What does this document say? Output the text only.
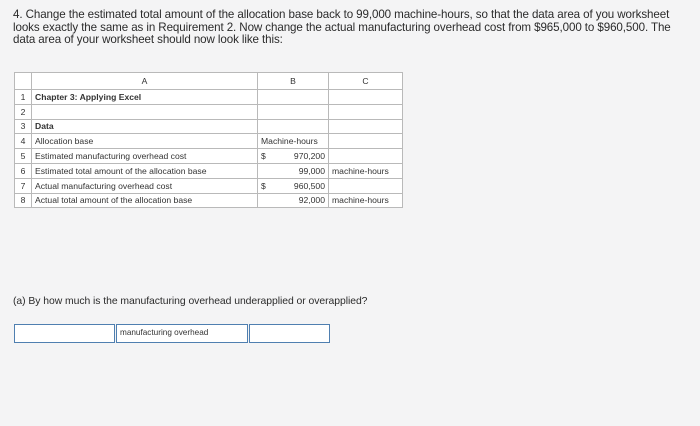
4. Change the estimated total amount of the allocation base back to 99,000 machine-hours, so that the data area of you worksheet looks exactly the same as in Requirement 2. Now change the actual manufacturing overhead cost from $965,000 to $960,500. The data area of your worksheet should now look like this:

	A	B	C
1	Chapter 3: Applying Excel		
2			
3	Data		
4	Allocation base	Machine-hours	
5	Estimated manufacturing overhead cost	$ 970,200	

6	Estimated total amount of the allocation base	99,000	machine-hours
7	Actual manufacturing overhead cost	$ 960,500	

8	Actual total amount of the allocation base	92,000	machine-hours

(a) By how much is the manufacturing overhead underapplied or overapplied?

manufacturing overhead
